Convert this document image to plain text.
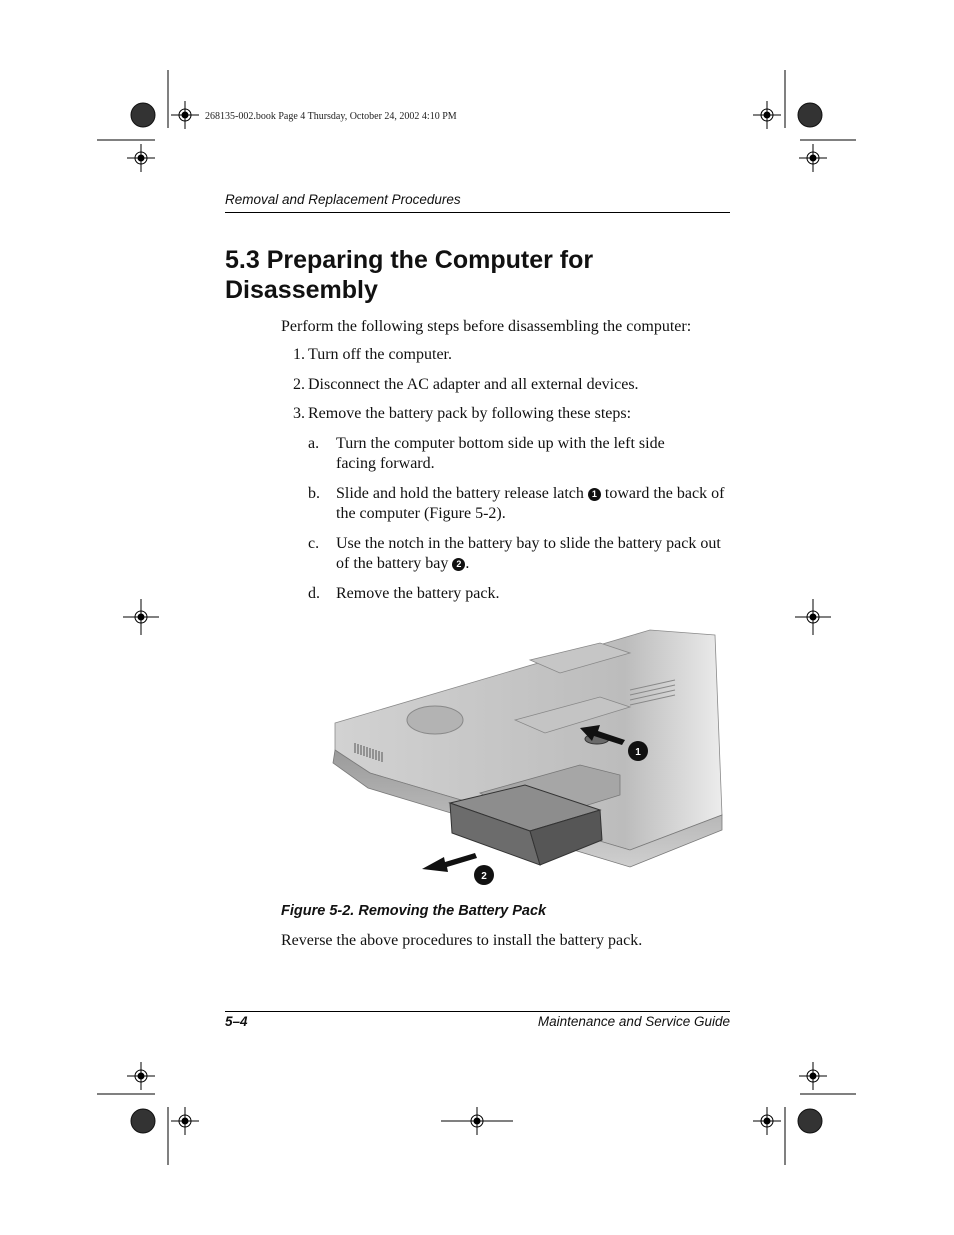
268135-002.book Page 4 Thursday, October 24, 2002 4:10 PM
Removal and Replacement Procedures
5.3 Preparing the Computer for Disassembly
Perform the following steps before disassembling the computer:
1. Turn off the computer.
2. Disconnect the AC adapter and all external devices.
3. Remove the battery pack by following these steps:
a.	Turn the computer bottom side up with the left side facing forward.
b.	Slide and hold the battery release latch 1 toward the back of the computer (Figure 5-2).
c.	Use the notch in the battery bay to slide the battery pack out of the battery bay 2 .
d.	Remove the battery pack.
1
2
Figure 5-2. Removing the Battery Pack
Reverse the above procedures to install the battery pack.
5–4	Maintenance and Service Guide
